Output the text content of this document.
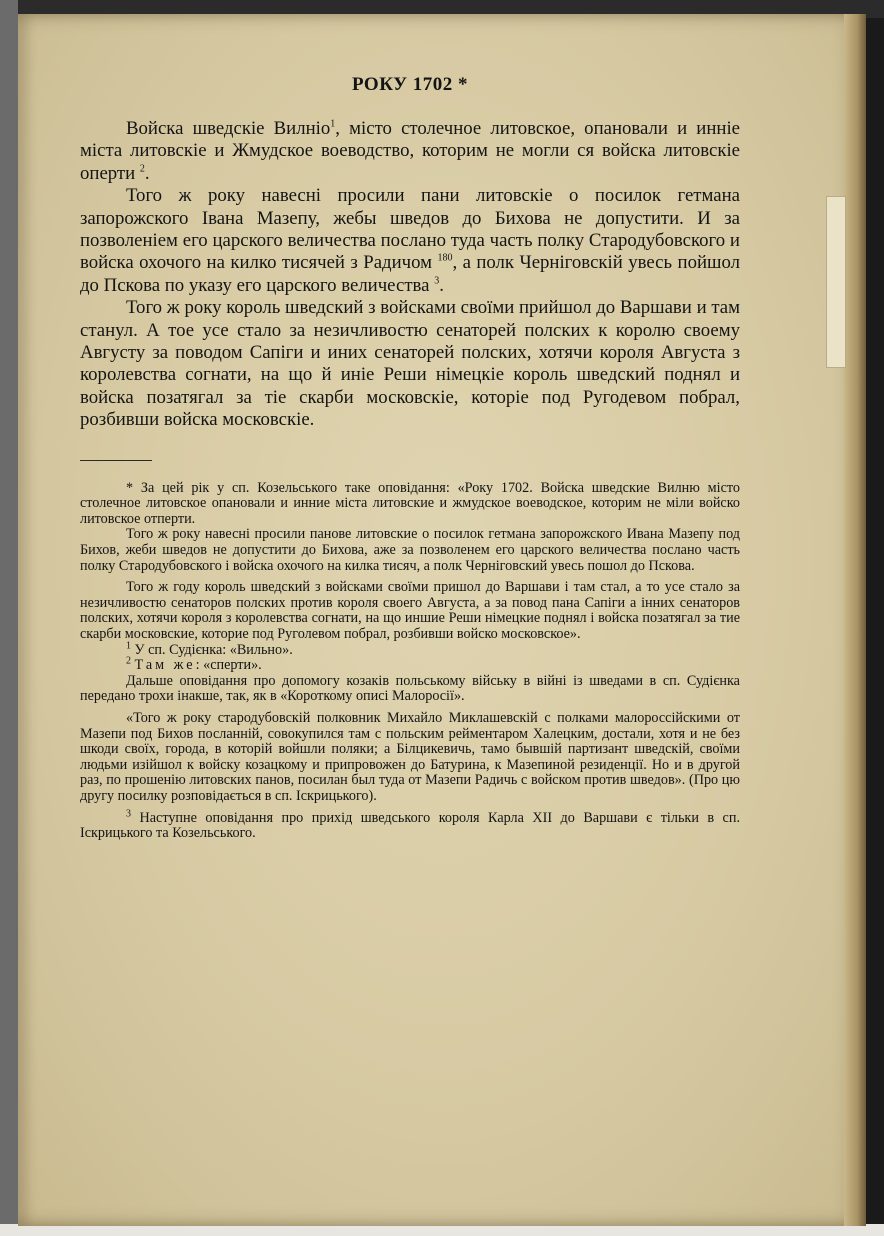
РОКУ 1702 *

Войска шведскіе Вилніо$^1$, місто столечное литовское, опановали и инніе міста литовскіе и Жмудское воеводство, которим не могли ся войска литовскіе оперти $^2$.

Того ж року навесні просили пани литовскіе о посилок гетмана запорожского Івана Мазепу, жебы шведов до Бихова не допустити. И за позволеніем его царского величества послано туда часть полку Стародубовского и войска охочого на килко тисячей з Радичом $^{180}$, а полк Черніговскій увесь пойшол до Пскова по указу его царского величества $^3$.

Того ж року король шведский з войсками своїми прийшол до Варшави и там станул. А тое усе стало за незичливостю сенаторей полских к королю своему Августу за поводом Сапіги и иних сенаторей полских, хотячи короля Августа з королевства согнати, на що й иніе Реши німецкіе король шведский поднял и войска позатягал за тіе скарби московскіе, которіе под Ругодевом побрал, розбивши войска московскіе.

* За цей рік у сп. Козельського таке оповідання: «Року 1702. Войска шведские Вилню місто столечное литовское опановали и инние міста литовские и жмудское воеводское, которим не міли войско литовское отперти.

Того ж року навесні просили панове литовские о посилок гетмана запорожского Ивана Мазепу под Бихов, жеби шведов не допустити до Бихова, аже за позволенем его царского величества послано часть полку Стародубовского і войска охочого на килка тисяч, а полк Черніговский увесь пошол до Пскова.

Того ж году король шведский з войсками своїми пришол до Варшави і там стал, а то усе стало за незичливостю сенаторов полских против короля своего Августа, а за повод пана Сапіги а інних сенаторов полских, хотячи короля з королевства согнати, на що иншие Реши німецкие поднял і войска позатягал за тие скарби московские, которие под Руголевом побрал, розбивши войско московское».

$^1$ У сп. Судієнка: «Вильно».

$^2$ Там же: «сперти».

Дальше оповідання про допомогу козаків польському війську в війні із шведами в сп. Судієнка передано трохи інакше, так, як в «Короткому описі Малоросії».

«Того ж року стародубовскій полковник Михайло Миклашевскій с полками малороссійскими от Мазепи под Бихов посланній, совокупился там с польским рейментаром Халецким, достали, хотя и не без шкоди своїх, города, в которій войшли поляки; а Білцикевичь, тамо бывшій партизант шведскій, своїми людьми изійшол к войску козацкому и припровожен до Батурина, к Мазепиной резиденції. Но и в другой раз, по прошенію литовских панов, посилан был туда от Мазепи Радичь с войском против шведов». (Про цю другу посилку розповідається в сп. Іскрицького).

$^3$ Наступне оповідання про прихід шведського короля Карла XII до Варшави є тільки в сп. Іскрицького та Козельського.
